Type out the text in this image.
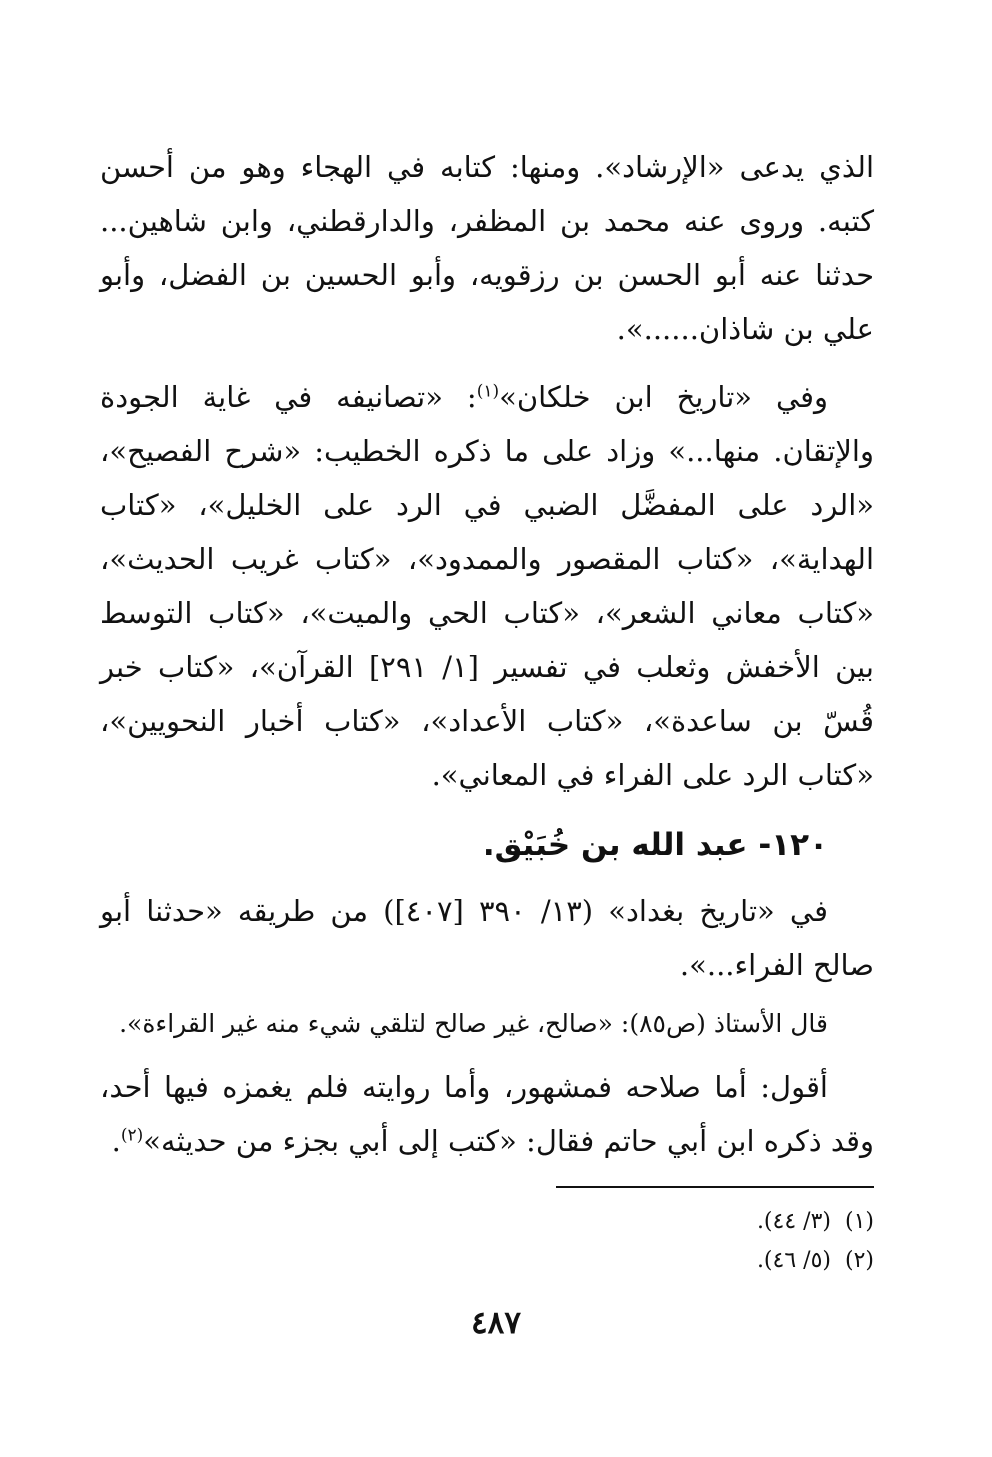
الذي يدعى «الإرشاد». ومنها: كتابه في الهجاء وهو من أحسن كتبه. وروى عنه محمد بن المظفر، والدارقطني، وابن شاهين... حدثنا عنه أبو الحسن بن رزقويه، وأبو الحسين بن الفضل، وأبو علي بن شاذان......».

وفي «تاريخ ابن خلكان»$^{(١)}$: «تصانيفه في غاية الجودة والإتقان. منها...» وزاد على ما ذكره الخطيب: «شرح الفصيح»، «الرد على المفضَّل الضبي في الرد على الخليل»، «كتاب الهداية»، «كتاب المقصور والممدود»، «كتاب غريب الحديث»، «كتاب معاني الشعر»، «كتاب الحي والميت»، «كتاب التوسط بين الأخفش وثعلب في تفسير [١/ ٢٩١] القرآن»، «كتاب خبر قُسّ بن ساعدة»، «كتاب الأعداد»، «كتاب أخبار النحويين»، «كتاب الرد على الفراء في المعاني».

١٢٠- عبد الله بن خُبَيْق.

في «تاريخ بغداد» (١٣/ ٣٩٠ [٤٠٧]) من طريقه «حدثنا أبو صالح الفراء...».

قال الأستاذ (ص٨٥): «صالح، غير صالح لتلقي شيء منه غير القراءة».

أقول: أما صلاحه فمشهور، وأما روايته فلم يغمزه فيها أحد، وقد ذكره ابن أبي حاتم فقال: «كتب إلى أبي بجزء من حديثه»$^{(٢)}$.

(١)(٣/ ٤٤).

(٢)(٥/ ٤٦).

٤٨٧
